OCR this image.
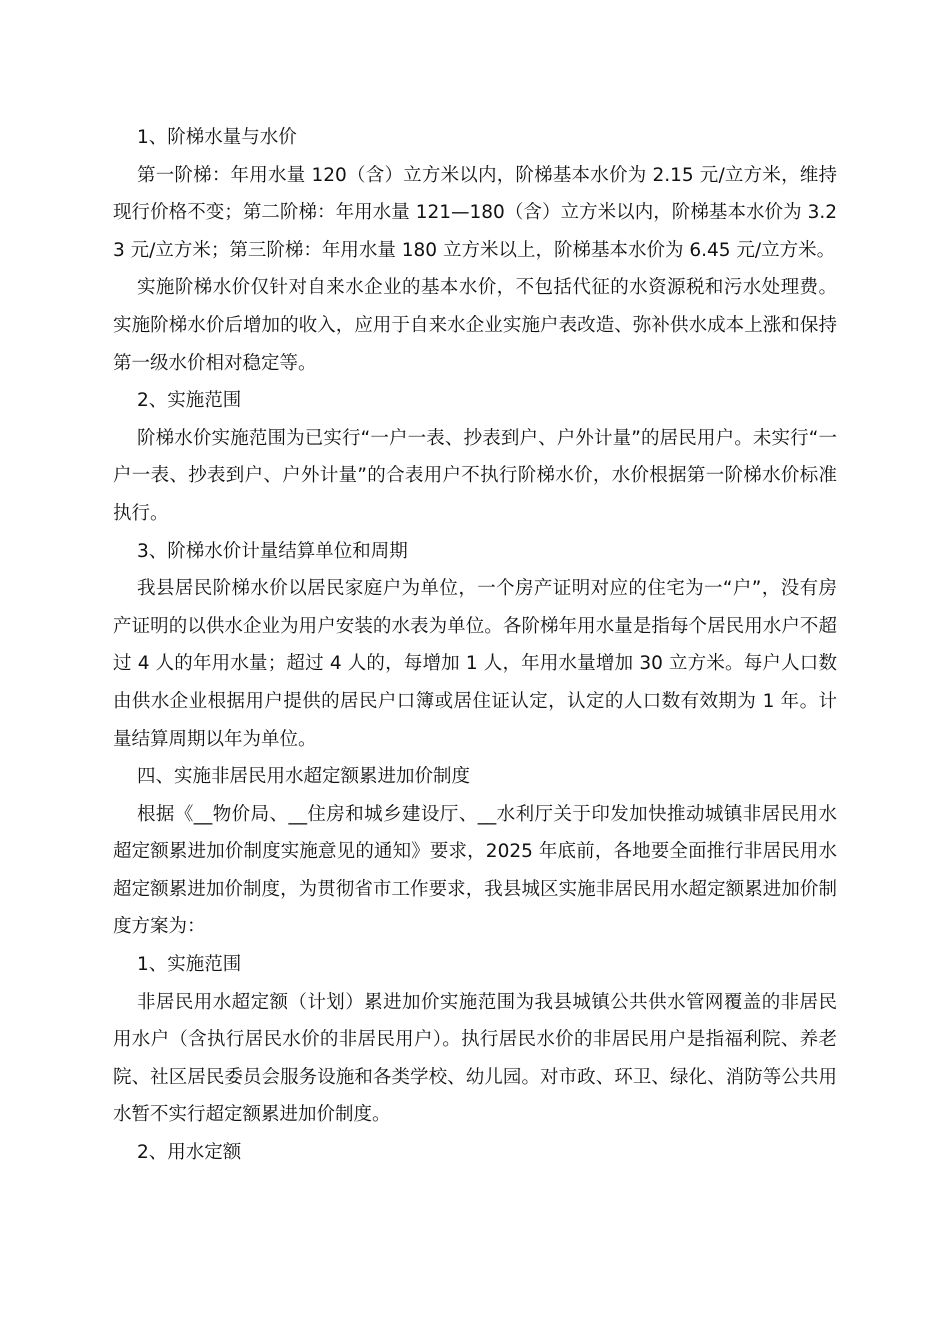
1、阶梯水量与水价

第一阶梯：年用水量 120（含）立方米以内，阶梯基本水价为 2.15 元/立方米，维持现行价格不变；第二阶梯：年用水量 121—180（含）立方米以内，阶梯基本水价为 3.23 元/立方米；第三阶梯：年用水量 180 立方米以上，阶梯基本水价为 6.45 元/立方米。

实施阶梯水价仅针对自来水企业的基本水价，不包括代征的水资源税和污水处理费。实施阶梯水价后增加的收入，应用于自来水企业实施户表改造、弥补供水成本上涨和保持第一级水价相对稳定等。

2、实施范围

阶梯水价实施范围为已实行“一户一表、抄表到户、户外计量”的居民用户。未实行“一户一表、抄表到户、户外计量”的合表用户不执行阶梯水价，水价根据第一阶梯水价标准执行。

3、阶梯水价计量结算单位和周期

我县居民阶梯水价以居民家庭户为单位，一个房产证明对应的住宅为一“户”，没有房产证明的以供水企业为用户安装的水表为单位。各阶梯年用水量是指每个居民用水户不超过 4 人的年用水量；超过 4 人的，每增加 1 人，年用水量增加 30 立方米。每户人口数由供水企业根据用户提供的居民户口簿或居住证认定，认定的人口数有效期为 1 年。计量结算周期以年为单位。

四、实施非居民用水超定额累进加价制度

根据《__物价局、__住房和城乡建设厅、__水利厅关于印发加快推动城镇非居民用水超定额累进加价制度实施意见的通知》要求，2025 年底前，各地要全面推行非居民用水超定额累进加价制度，为贯彻省市工作要求，我县城区实施非居民用水超定额累进加价制度方案为：

1、实施范围

非居民用水超定额（计划）累进加价实施范围为我县城镇公共供水管网覆盖的非居民用水户（含执行居民水价的非居民用户）。执行居民水价的非居民用户是指福利院、养老院、社区居民委员会服务设施和各类学校、幼儿园。对市政、环卫、绿化、消防等公共用水暂不实行超定额累进加价制度。

2、用水定额
